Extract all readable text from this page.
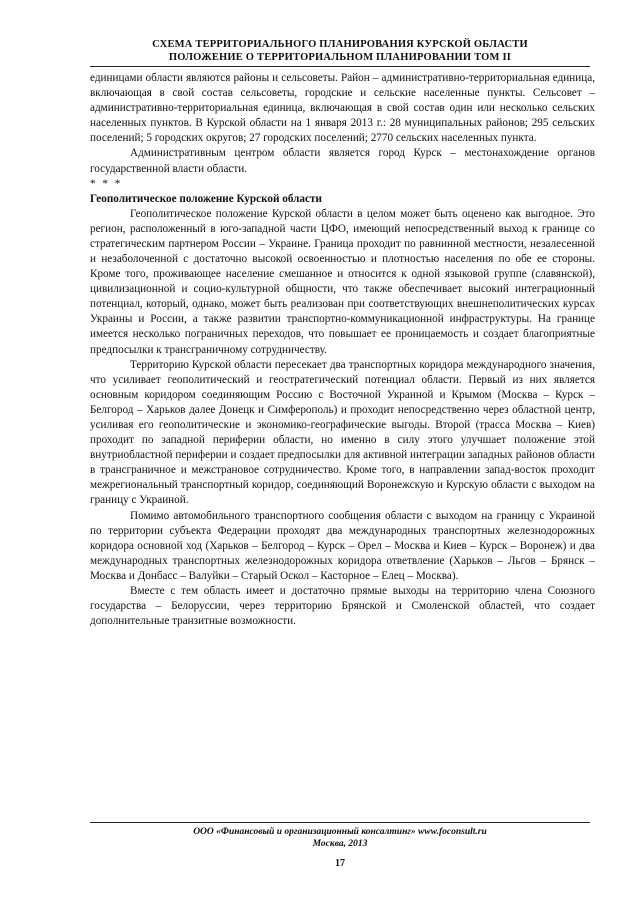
СХЕМА ТЕРРИТОРИАЛЬНОГО ПЛАНИРОВАНИЯ КУРСКОЙ ОБЛАСТИ
ПОЛОЖЕНИЕ О ТЕРРИТОРИАЛЬНОМ ПЛАНИРОВАНИИ ТОМ II

единицами области являются районы и сельсоветы. Район – административно-территориальная единица, включающая в свой состав сельсоветы, городские и сельские населенные пункты. Сельсовет – административно-территориальная единица, включающая в свой состав один или несколько сельских населенных пунктов. В Курской области на 1 января 2013 г.: 28 муниципальных районов; 295 сельских поселений; 5 городских округов; 27 городских поселений; 2770 сельских населенных пункта.

Административным центром области является город Курск – местонахождение органов государственной власти области.

* * *

Геополитическое положение Курской области

Геополитическое положение Курской области в целом может быть оценено как выгодное. Это регион, расположенный в юго-западной части ЦФО, имеющий непосредственный выход к границе со стратегическим партнером России – Украине. Граница проходит по равнинной местности, незалесенной и незаболоченной с достаточно высокой освоенностью и плотностью населения по обе ее стороны. Кроме того, проживающее население смешанное и относится к одной языковой группе (славянской), цивилизационной и социо-культурной общности, что также обеспечивает высокий интеграционный потенциал, который, однако, может быть реализован при соответствующих внешнеполитических курсах Украины и России, а также развитии транспортно-коммуникационной инфраструктуры. На границе имеется несколько пограничных переходов, что повышает ее проницаемость и создает благоприятные предпосылки к трансграничному сотрудничеству.

Территорию Курской области пересекает два транспортных коридора международного значения, что усиливает геополитический и геостратегический потенциал области. Первый из них является основным коридором соединяющим Россию с Восточной Украиной и Крымом (Москва – Курск – Белгород – Харьков далее Донецк и Симферополь) и проходит непосредственно через областной центр, усиливая его геополитические и экономико-географические выгоды. Второй (трасса Москва – Киев) проходит по западной периферии области, но именно в силу этого улучшает положение этой внутриобластной периферии и создает предпосылки для активной интеграции западных районов области в трансграничное и межстрановое сотрудничество. Кроме того, в направлении запад-восток проходит межрегиональный транспортный коридор, соединяющий Воронежскую и Курскую области с выходом на границу с Украиной.

Помимо автомобильного транспортного сообщения области с выходом на границу с Украиной по территории субъекта Федерации проходят два международных транспортных железнодорожных коридора основной ход (Харьков – Белгород – Курск – Орел – Москва и Киев – Курск – Воронеж) и два международных транспортных железнодорожных коридора ответвление (Харьков – Льгов – Брянск – Москва и Донбасс – Валуйки – Старый Оскол – Касторное – Елец – Москва).

Вместе с тем область имеет и достаточно прямые выходы на территорию члена Союзного государства – Белоруссии, через территорию Брянской и Смоленской областей, что создает дополнительные транзитные возможности.

ООО «Финансовый и организационный консалтинг» www.foconsult.ru
Москва, 2013
17
